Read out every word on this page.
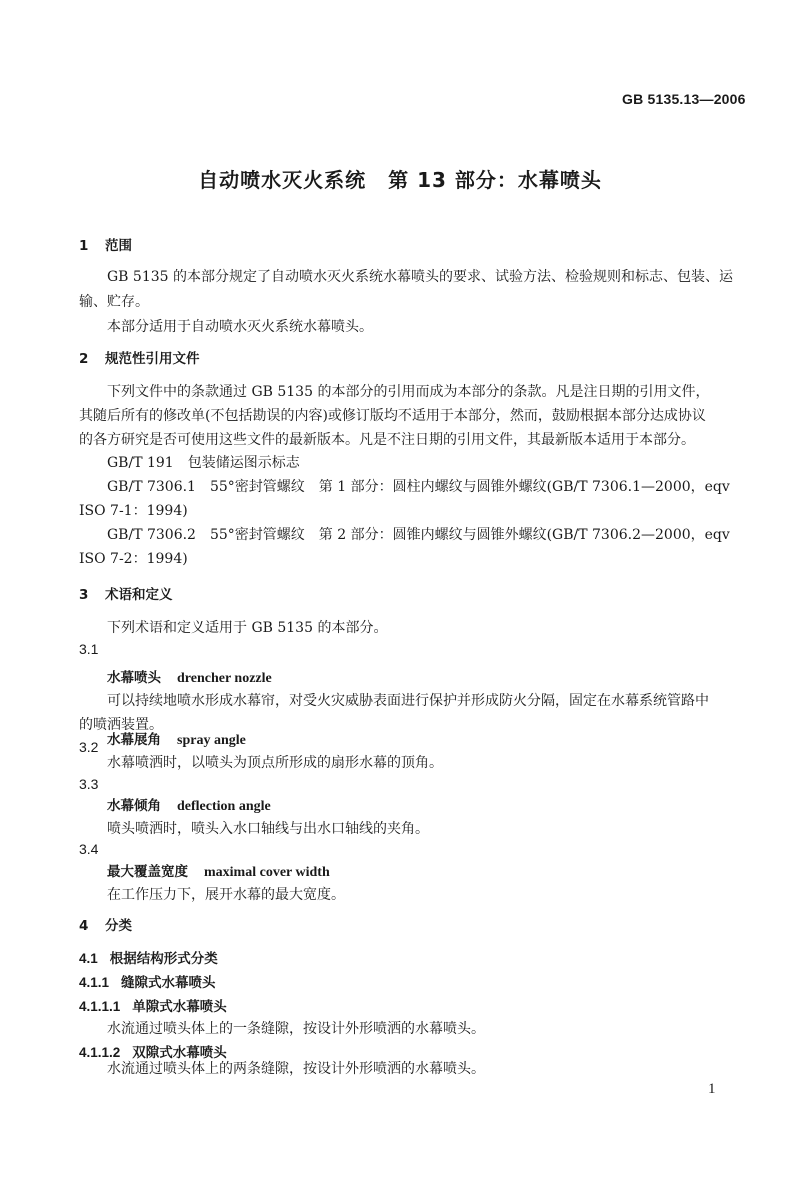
GB 5135.13—2006
自动喷水灭火系统 第 13 部分：水幕喷头
1 范围
GB 5135 的本部分规定了自动喷水灭火系统水幕喷头的要求、试验方法、检验规则和标志、包装、运
输、贮存。
本部分适用于自动喷水灭火系统水幕喷头。
2 规范性引用文件
下列文件中的条款通过 GB 5135 的本部分的引用而成为本部分的条款。凡是注日期的引用文件，
其随后所有的修改单(不包括勘误的内容)或修订版均不适用于本部分，然而，鼓励根据本部分达成协议
的各方研究是否可使用这些文件的最新版本。凡是不注日期的引用文件，其最新版本适用于本部分。
GB/T 191 包装储运图示标志
GB/T 7306.1 55°密封管螺纹　第 1 部分：圆柱内螺纹与圆锥外螺纹(GB/T 7306.1—2000，eqv
ISO 7-1：1994)
GB/T 7306.2 55°密封管螺纹　第 2 部分：圆锥内螺纹与圆锥外螺纹(GB/T 7306.2—2000，eqv
ISO 7-2：1994)
3 术语和定义
下列术语和定义适用于 GB 5135 的本部分。
3.1
水幕喷头 drencher nozzle
可以持续地喷水形成水幕帘，对受火灾威胁表面进行保护并形成防火分隔，固定在水幕系统管路中
的喷洒装置。
3.2 水幕展角 spray angle
水幕喷洒时，以喷头为顶点所形成的扇形水幕的顶角。
3.3
水幕倾角 deflection angle
喷头喷洒时，喷头入水口轴线与出水口轴线的夹角。
3.4
最大覆盖宽度 maximal cover width
在工作压力下，展开水幕的最大宽度。
4 分类
4.1 根据结构形式分类
4.1.1 缝隙式水幕喷头
4.1.1.1 单隙式水幕喷头
水流通过喷头体上的一条缝隙，按设计外形喷洒的水幕喷头。
4.1.1.2 双隙式水幕喷头
水流通过喷头体上的两条缝隙，按设计外形喷洒的水幕喷头。
1
